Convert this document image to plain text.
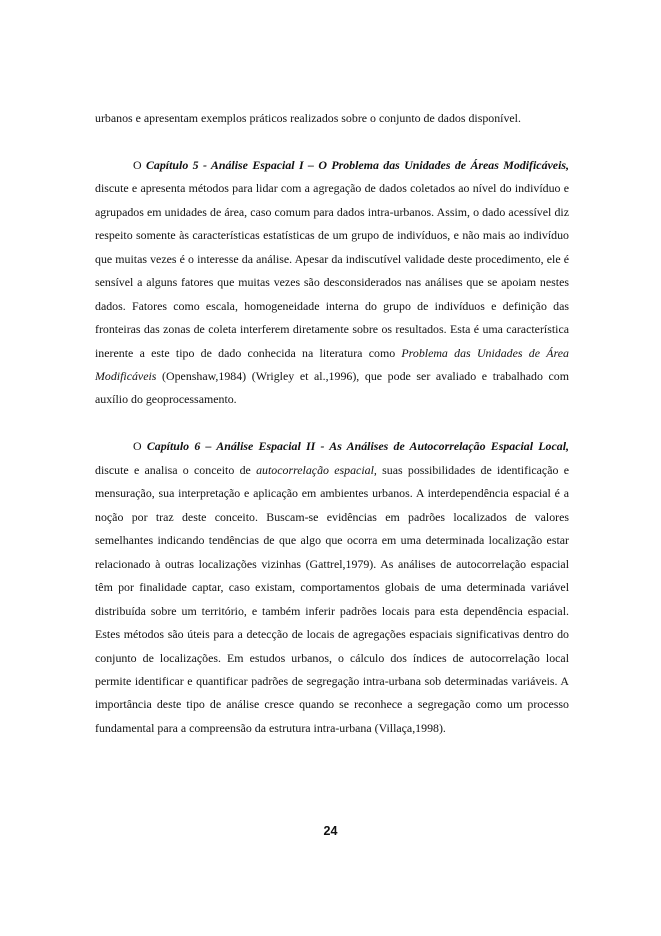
urbanos e apresentam exemplos práticos realizados sobre o conjunto de dados disponível.

O Capítulo 5 - Análise Espacial I – O Problema das Unidades de Áreas Modificáveis, discute e apresenta métodos para lidar com a agregação de dados coletados ao nível do indivíduo e agrupados em unidades de área, caso comum para dados intra-urbanos. Assim, o dado acessível diz respeito somente às características estatísticas de um grupo de indivíduos, e não mais ao indivíduo que muitas vezes é o interesse da análise. Apesar da indiscutível validade deste procedimento, ele é sensível a alguns fatores que muitas vezes são desconsiderados nas análises que se apoiam nestes dados. Fatores como escala, homogeneidade interna do grupo de indivíduos e definição das fronteiras das zonas de coleta interferem diretamente sobre os resultados. Esta é uma característica inerente a este tipo de dado conhecida na literatura como Problema das Unidades de Área Modificáveis (Openshaw,1984) (Wrigley et al.,1996), que pode ser avaliado e trabalhado com auxílio do geoprocessamento.

O Capítulo 6 – Análise Espacial II - As Análises de Autocorrelação Espacial Local, discute e analisa o conceito de autocorrelação espacial, suas possibilidades de identificação e mensuração, sua interpretação e aplicação em ambientes urbanos. A interdependência espacial é a noção por traz deste conceito. Buscam-se evidências em padrões localizados de valores semelhantes indicando tendências de que algo que ocorra em uma determinada localização estar relacionado à outras localizações vizinhas (Gattrel,1979). As análises de autocorrelação espacial têm por finalidade captar, caso existam, comportamentos globais de uma determinada variável distribuída sobre um território, e também inferir padrões locais para esta dependência espacial. Estes métodos são úteis para a detecção de locais de agregações espaciais significativas dentro do conjunto de localizações. Em estudos urbanos, o cálculo dos índices de autocorrelação local permite identificar e quantificar padrões de segregação intra-urbana sob determinadas variáveis. A importância deste tipo de análise cresce quando se reconhece a segregação como um processo fundamental para a compreensão da estrutura intra-urbana (Villaça,1998).

24
